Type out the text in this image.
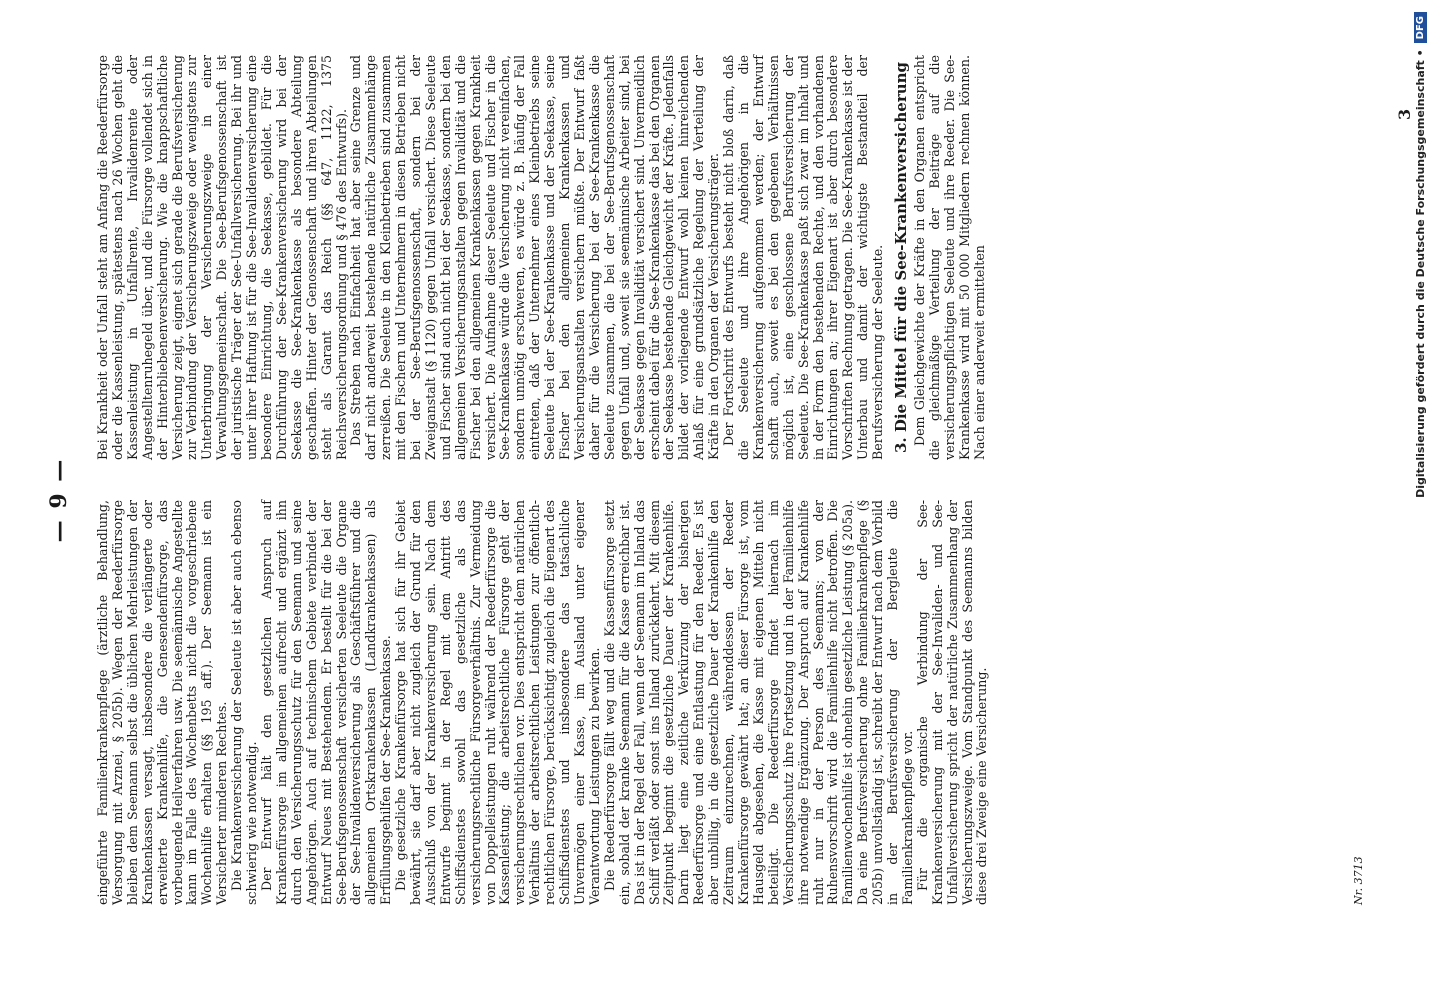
— 9 — eingeführte Familienkrankenpflege (ärztliche Behandlung, Versorgung mit Arznei, § 205b). Wegen der Reederfürsorge bleiben dem Seemann selbst die üblichen Mehrleistungen der Krankenkassen versagt, insbesondere die verlängerte oder erweiterte Krankenhilfe, die Genesendenfürsorge, das vorbeugende Heilverfahren usw. Die seemännische Angestellte kann im Falle des Wochenbetts nicht die vorgeschriebene Wochenhilfe erhalten (§§ 195 aff.). Der Seemann ist ein Versicherter minderen Rechtes. Die Krankenversicherung der Seeleute ist aber auch ebenso schwierig wie notwendig. Der Entwurf hält den gesetzlichen Anspruch auf Krankenfürsorge im allgemeinen aufrecht und ergänzt ihn durch den Versicherungsschutz für den Seemann und seine Angehörigen. Auch auf technischem Gebiete verbindet der Entwurf Neues mit Bestehendem. Er bestellt für die bei der See-Berufsgenossenschaft versicherten Seeleute die Organe der See-Invalidenversicherung als Geschäftsführer und die allgemeinen Ortskrankenkassen (Landkrankenkassen) als Erfüllungsgehilfen der See-Krankenkasse. Die gesetzliche Krankenfürsorge hat sich für ihr Gebiet bewährt, sie darf aber nicht zugleich der Grund für den Ausschluß von der Krankenversicherung sein. Nach dem Entwurfe beginnt in der Regel mit dem Antritt des Schiffsdienstes sowohl das gesetzliche als das versicherungsrechtliche Fürsorgeverhältnis. Zur Vermeidung von Doppelleistungen ruht während der Reederfürsorge die Kassenleistung; die arbeitsrechtliche Fürsorge geht der versicherungsrechtlichen vor. Dies entspricht dem natürlichen Verhältnis der arbeitsrechtlichen Leistungen zur öffentlich-rechtlichen Fürsorge, berücksichtigt zugleich die Eigenart des Schiffsdienstes und insbesondere das tatsächliche Unvermögen einer Kasse, im Ausland unter eigener Verantwortung Leistungen zu bewirken. Die Reederfürsorge fällt weg und die Kassenfürsorge setzt ein, sobald der kranke Seemann für die Kasse erreichbar ist. Das ist in der Regel der Fall, wenn der Seemann im Inland das Schiff verläßt oder sonst ins Inland zurückkehrt. Mit diesem Zeitpunkt beginnt die gesetzliche Dauer der Krankenhilfe. Darin liegt eine zeitliche Verkürzung der bisherigen Reederfürsorge und eine Entlastung für den Reeder. Es ist aber unbillig, in die gesetzliche Dauer der Krankenhilfe den Zeitraum einzurechnen, währenddessen der Reeder Krankenfürsorge gewährt hat; an dieser Fürsorge ist, vom Hausgeld abgesehen, die Kasse mit eigenen Mitteln nicht beteiligt. Die Reederfürsorge findet hiernach im Versicherungsschutz ihre Fortsetzung und in der Familienhilfe ihre notwendige Ergänzung. Der Anspruch auf Krankenhilfe ruht nur in der Person des Seemanns; von der Ruhensvorschrift wird die Familienhilfe nicht betroffen. Die Familienwochenhilfe ist ohnehin gesetzliche Leistung (§ 205a). Da eine Berufsversicherung ohne Familienkrankenpflege (§ 205b) unvollständig ist, schreibt der Entwurf nach dem Vorbild in der Berufsversicherung der Bergleute die Familienkrankenpflege vor. Für die organische Verbindung der See-Krankenversicherung mit der See-Invaliden- und See-Unfallversicherung spricht der natürliche Zusammenhang der Versicherungszweige. Vom Standpunkt des Seemanns bilden diese drei Zweige eine Versicherung.

Bei Krankheit oder Unfall steht am Anfang die Reederfürsorge oder die Kassenleistung, spätestens nach 26 Wochen geht die Kassenleistung in Unfallrente, Invalidenrente oder Angestelltenruhegeld über, und die Fürsorge vollendet sich in der Hinterbliebenenversicherung. Wie die knappschaftliche Versicherung zeigt, eignet sich gerade die Berufsversicherung zur Verbindung der Versicherungszweige oder wenigstens zur Unterbringung der Versicherungszweige in einer Verwaltungsgemeinschaft. Die See-Berufsgenossenschaft ist der juristische Träger der See-Unfallversicherung. Bei ihr und unter ihrer Haftung ist für die See-Invalidenversicherung eine besondere Einrichtung, die Seekasse, gebildet. Für die Durchführung der See-Krankenversicherung wird bei der Seekasse die See-Krankenkasse als besondere Abteilung geschaffen. Hinter der Genossenschaft und ihren Abteilungen steht als Garant das Reich (§§ 647, 1122, 1375 Reichsversicherungsordnung und § 476 des Entwurfs). Das Streben nach Einfachheit hat aber seine Grenze und darf nicht anderweit bestehende natürliche Zusammenhänge zerreißen. Die Seeleute in den Kleinbetrieben sind zusammen mit den Fischern und Unternehmern in diesen Betrieben nicht bei der See-Berufsgenossenschaft, sondern bei der Zweiganstalt (§ 1120) gegen Unfall versichert. Diese Seeleute und Fischer sind auch nicht bei der Seekasse, sondern bei den allgemeinen Versicherungsanstalten gegen Invalidität und die Fischer bei den allgemeinen Krankenkassen gegen Krankheit versichert. Die Aufnahme dieser Seeleute und Fischer in die See-Krankenkasse würde die Versicherung nicht vereinfachen, sondern unnötig erschweren, es würde z. B. häufig der Fall eintreten, daß der Unternehmer eines Kleinbetriebs seine Seeleute bei der See-Krankenkasse und der Seekasse, seine Fischer bei den allgemeinen Krankenkassen und Versicherungsanstalten versichern müßte. Der Entwurf faßt daher für die Versicherung bei der See-Krankenkasse die Seeleute zusammen, die bei der See-Berufsgenossenschaft gegen Unfall und, soweit sie seemännische Arbeiter sind, bei der Seekasse gegen Invalidität versichert sind. Unvermeidlich erscheint dabei für die See-Krankenkasse das bei den Organen der Seekasse bestehende Gleichgewicht der Kräfte. Jedenfalls bildet der vorliegende Entwurf wohl keinen hinreichenden Anlaß für eine grundsätzliche Regelung der Verteilung der Kräfte in den Organen der Versicherungsträger. Der Fortschritt des Entwurfs besteht nicht bloß darin, daß die Seeleute und ihre Angehörigen in die Krankenversicherung aufgenommen werden; der Entwurf schafft auch, soweit es bei den gegebenen Verhältnissen möglich ist, eine geschlossene Berufsversicherung der Seeleute. Die See-Krankenkasse paßt sich zwar im Inhalt und in der Form den bestehenden Rechte, und den vorhandenen Einrichtungen an; ihrer Eigenart ist aber durch besondere Vorschriften Rechnung getragen. Die See-Krankenkasse ist der Unterbau und damit der wichtigste Bestandteil der Berufsversicherung der Seeleute. 3. Die Mittel für die See-Krankenversicherung Dem Gleichgewichte der Kräfte in den Organen entspricht die gleichmäßige Verteilung der Beiträge auf die versicherungspflichtigen Seeleute und ihre Reeder. Die See-Krankenkasse wird mit 50 000 Mitgliedern rechnen können. Nach einer anderweit ermittelten

Nr. 3713
3 Digitalisierung gefördert durch die Deutsche Forschungsgemeinschaft •
DFG
